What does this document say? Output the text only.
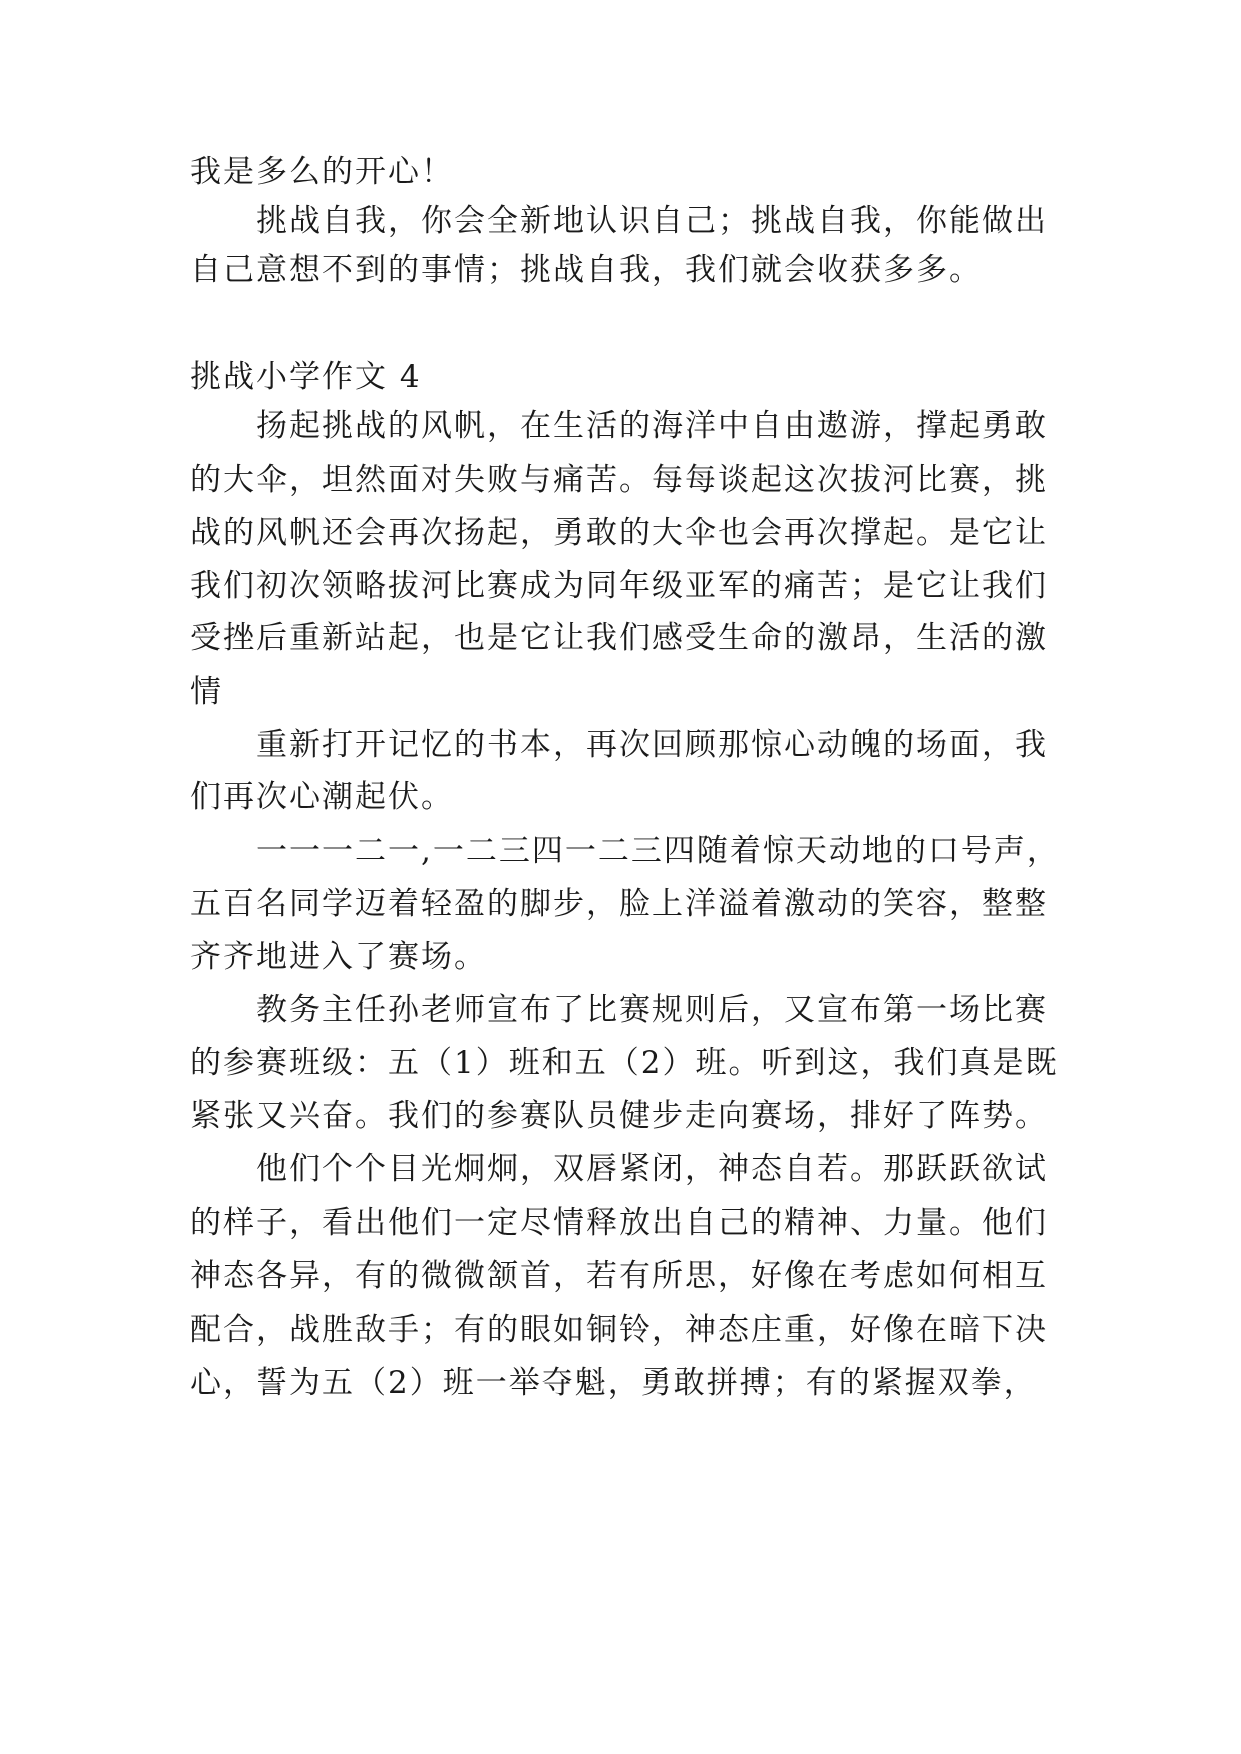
我是多么的开心！
挑战自我，你会全新地认识自己；挑战自我，你能做出
自己意想不到的事情；挑战自我，我们就会收获多多。
挑战小学作文 4
扬起挑战的风帆，在生活的海洋中自由遨游，撑起勇敢
的大伞，坦然面对失败与痛苦。每每谈起这次拔河比赛，挑
战的风帆还会再次扬起，勇敢的大伞也会再次撑起。是它让
我们初次领略拔河比赛成为同年级亚军的痛苦；是它让我们
受挫后重新站起，也是它让我们感受生命的激昂，生活的激
情
重新打开记忆的书本，再次回顾那惊心动魄的场面，我
们再次心潮起伏。
一一一二一,一二三四一二三四随着惊天动地的口号声，
五百名同学迈着轻盈的脚步，脸上洋溢着激动的笑容，整整
齐齐地进入了赛场。
教务主任孙老师宣布了比赛规则后，又宣布第一场比赛
的参赛班级：五（1）班和五（2）班。听到这，我们真是既
紧张又兴奋。我们的参赛队员健步走向赛场，排好了阵势。
他们个个目光炯炯，双唇紧闭，神态自若。那跃跃欲试
的样子，看出他们一定尽情释放出自己的精神、力量。他们
神态各异，有的微微颔首，若有所思，好像在考虑如何相互
配合，战胜敌手；有的眼如铜铃，神态庄重，好像在暗下决
心，誓为五（2）班一举夺魁，勇敢拼搏；有的紧握双拳，
